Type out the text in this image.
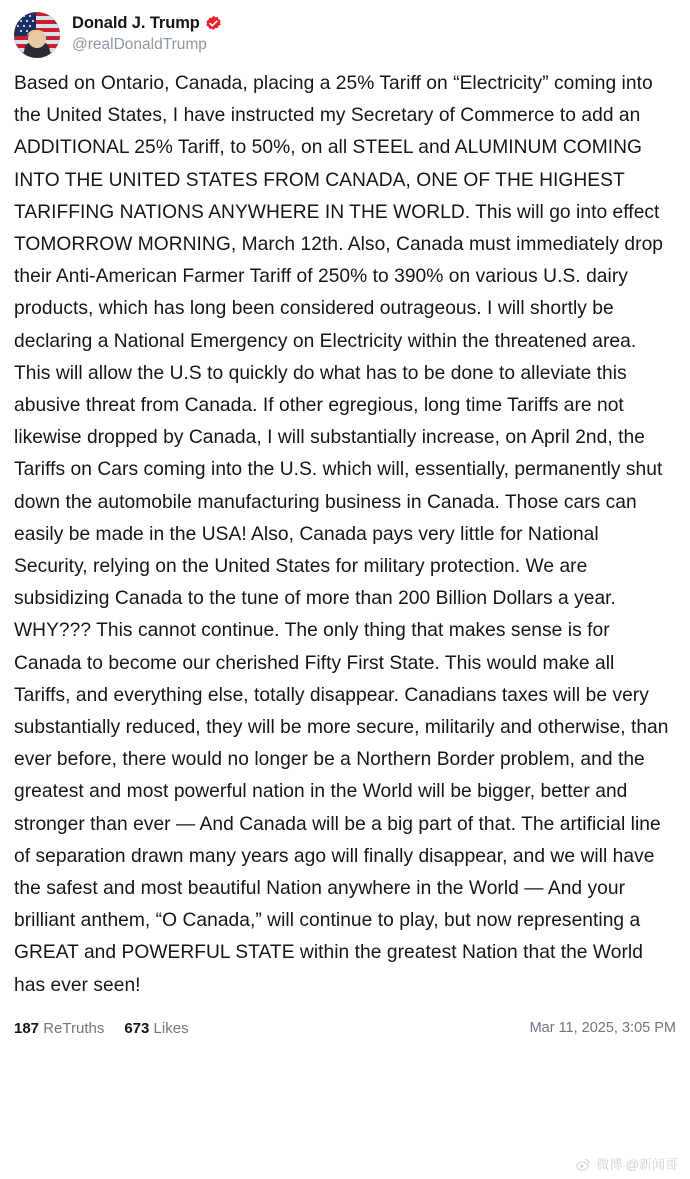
Donald J. Trump
@realDonaldTrump
Based on Ontario, Canada, placing a 25% Tariff on “Electricity” coming into the United States, I have instructed my Secretary of Commerce to add an ADDITIONAL 25% Tariff, to 50%, on all STEEL and ALUMINUM COMING INTO THE UNITED STATES FROM CANADA, ONE OF THE HIGHEST TARIFFING NATIONS ANYWHERE IN THE WORLD. This will go into effect TOMORROW MORNING, March 12th. Also, Canada must immediately drop their Anti-American Farmer Tariff of 250% to 390% on various U.S. dairy products, which has long been considered outrageous. I will shortly be declaring a National Emergency on Electricity within the threatened area. This will allow the U.S to quickly do what has to be done to alleviate this abusive threat from Canada. If other egregious, long time Tariffs are not likewise dropped by Canada, I will substantially increase, on April 2nd, the Tariffs on Cars coming into the U.S. which will, essentially, permanently shut down the automobile manufacturing business in Canada. Those cars can easily be made in the USA! Also, Canada pays very little for National Security, relying on the United States for military protection. We are subsidizing Canada to the tune of more than 200 Billion Dollars a year. WHY??? This cannot continue. The only thing that makes sense is for Canada to become our cherished Fifty First State. This would make all Tariffs, and everything else, totally disappear. Canadians taxes will be very substantially reduced, they will be more secure, militarily and otherwise, than ever before, there would no longer be a Northern Border problem, and the greatest and most powerful nation in the World will be bigger, better and stronger than ever — And Canada will be a big part of that. The artificial line of separation drawn many years ago will finally disappear, and we will have the safest and most beautiful Nation anywhere in the World — And your brilliant anthem, “O Canada,” will continue to play, but now representing a GREAT and POWERFUL STATE within the greatest Nation that the World has ever seen!
187 ReTruths 673 Likes	Mar 11, 2025, 3:05 PM
微博 @新闻哥
